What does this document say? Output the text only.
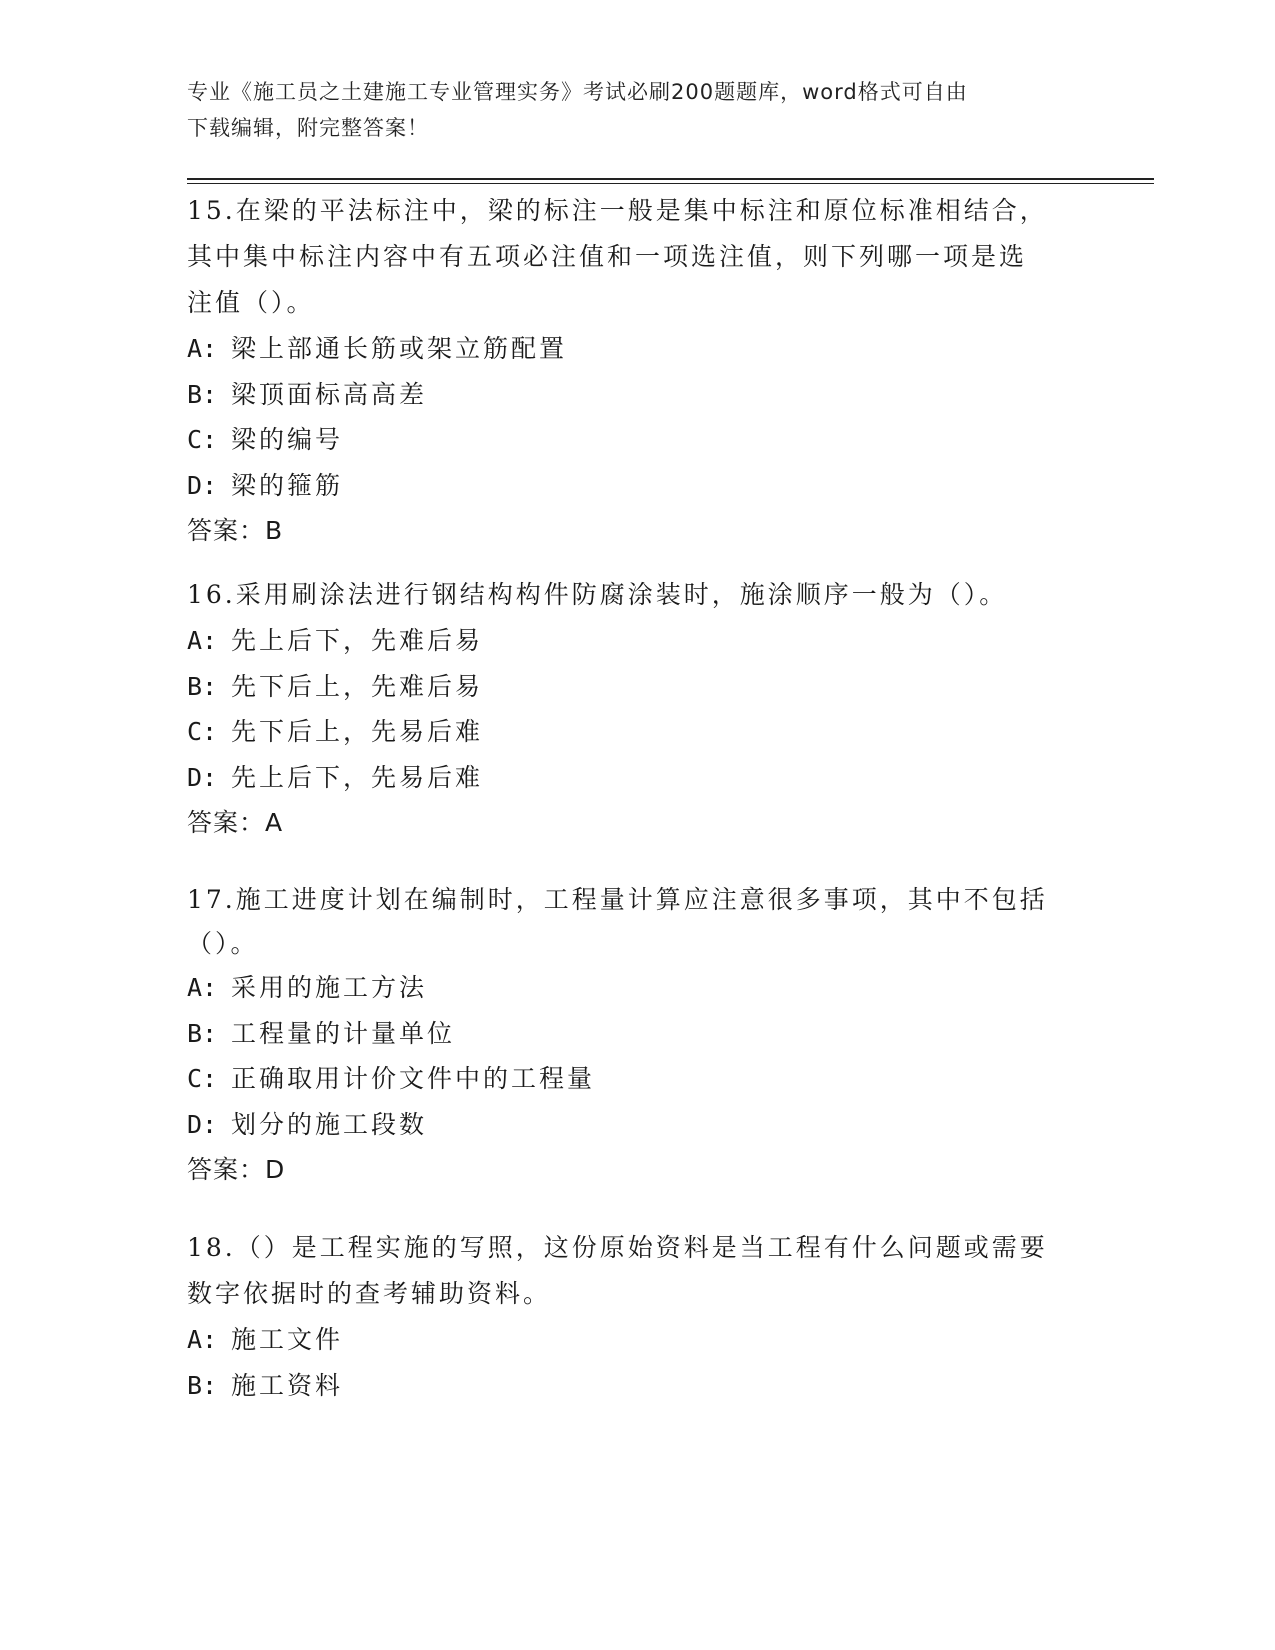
专业《施工员之土建施工专业管理实务》考试必刷200题题库，word格式可自由
下载编辑，附完整答案！
15.在梁的平法标注中，梁的标注一般是集中标注和原位标准相结合，
其中集中标注内容中有五项必注值和一项选注值，则下列哪一项是选
注值（）。
A: 梁上部通长筋或架立筋配置
B: 梁顶面标高高差
C: 梁的编号
D: 梁的箍筋
答案：B
16.采用刷涂法进行钢结构构件防腐涂装时，施涂顺序一般为（）。
A: 先上后下，先难后易
B: 先下后上，先难后易
C: 先下后上，先易后难
D: 先上后下，先易后难
答案：A
17.施工进度计划在编制时，工程量计算应注意很多事项，其中不包括
（）。
A: 采用的施工方法
B: 工程量的计量单位
C: 正确取用计价文件中的工程量
D: 划分的施工段数
答案：D
18.（）是工程实施的写照，这份原始资料是当工程有什么问题或需要
数字依据时的查考辅助资料。
A: 施工文件
B: 施工资料
